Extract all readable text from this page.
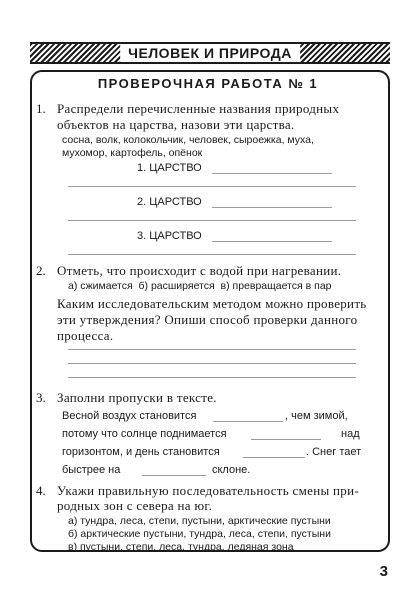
ЧЕЛОВЕК И ПРИРОДА
ПРОВЕРОЧНАЯ РАБОТА № 1
1. Распредели перечисленные названия природных
объектов на царства, назови эти царства.
сосна, волк, колокольчик, человек, сыроежка, муха,
мухомор, картофель, опёнок
1. ЦАРСТВО
2. ЦАРСТВО
3. ЦАРСТВО
2. Отметь, что происходит с водой при нагревании.
а) сжимается  б) расширяется  в) превращается в пар
Каким исследовательским методом можно проверить
эти утверждения? Опиши способ проверки данного
процесса.
3. Заполни пропуски в тексте.
Весной воздух становится	, чем зимой,
потому что солнце поднимается	над
горизонтом, и день становится	. Снег тает
быстрее на	склоне.
4. Укажи правильную последовательность смены при-
родных зон с севера на юг.
а) тундра, леса, степи, пустыни, арктические пустыни
б) арктические пустыни, тундра, леса, степи, пустыни
в) пустыни, степи, леса, тундра, ледяная зона
3
